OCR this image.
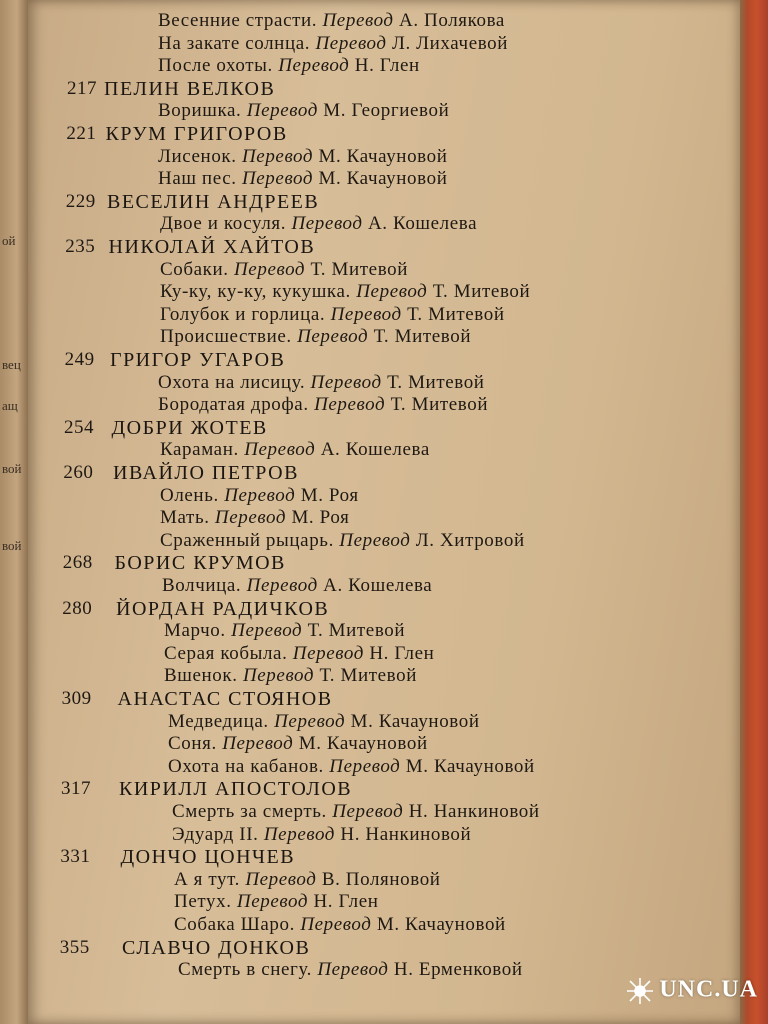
ой
вец
ащ
вой
вой
Весенние страсти. Перевод А. Полякова
На закате солнца. Перевод Л. Лихачевой
После охоты. Перевод Н. Глен
217 ПЕЛИН ВЕЛКОВ
Воришка. Перевод М. Георгиевой
221 КРУМ ГРИГОРОВ
Лисенок. Перевод М. Качауновой
Наш пес. Перевод М. Качауновой
229 ВЕСЕЛИН АНДРЕЕВ
Двое и косуля. Перевод А. Кошелева
235 НИКОЛАЙ ХАЙТОВ
Собаки. Перевод Т. Митевой
Ку-ку, ку-ку, кукушка. Перевод Т. Митевой
Голубок и горлица. Перевод Т. Митевой
Происшествие. Перевод Т. Митевой
249 ГРИГОР УГАРОВ
Охота на лисицу. Перевод Т. Митевой
Бородатая дрофа. Перевод Т. Митевой
254 ДОБРИ ЖОТЕВ
Караман. Перевод А. Кошелева
260 ИВАЙЛО ПЕТРОВ
Олень. Перевод М. Роя
Мать. Перевод М. Роя
Сраженный рыцарь. Перевод Л. Хитровой
268 БОРИС КРУМОВ
Волчица. Перевод А. Кошелева
280 ЙОРДАН РАДИЧКОВ
Марчо. Перевод Т. Митевой
Серая кобыла. Перевод Н. Глен
Вшенок. Перевод Т. Митевой
309 АНАСТАС СТОЯНОВ
Медведица. Перевод М. Качауновой
Соня. Перевод М. Качауновой
Охота на кабанов. Перевод М. Качауновой
317 КИРИЛЛ АПОСТОЛОВ
Смерть за смерть. Перевод Н. Нанкиновой
Эдуард II. Перевод Н. Нанкиновой
331 ДОНЧО ЦОНЧЕВ
А я тут. Перевод В. Поляновой
Петух. Перевод Н. Глен
Собака Шаро. Перевод М. Качауновой
355 СЛАВЧО ДОНКОВ
Смерть в снегу. Перевод Н. Ерменковой
UNC.UA
